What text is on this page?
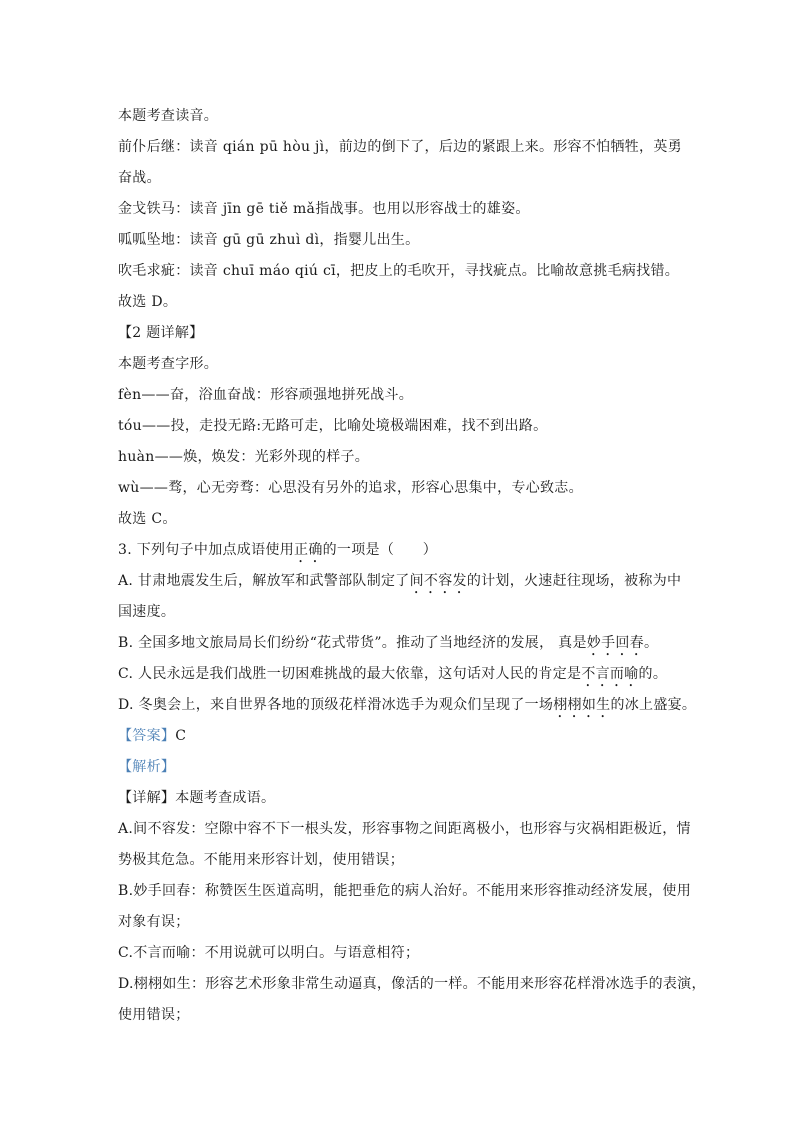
本题考查读音。
前仆后继：读音 qián pū hòu jì，前边的倒下了，后边的紧跟上来。形容不怕牺牲，英勇
奋战。
金戈铁马：读音 jīn gē tiě mǎ指战事。也用以形容战士的雄姿。
呱呱坠地：读音 gū gū zhuì dì，指婴儿出生。
吹毛求疵：读音 chuī máo qiú cī，把皮上的毛吹开，寻找疵点。比喻故意挑毛病找错。
故选 D。
【2 题详解】
本题考查字形。
fèn——奋，浴血奋战：形容顽强地拼死战斗。
tóu——投，走投无路:无路可走，比喻处境极端困难，找不到出路。
huàn——焕，焕发：光彩外现的样子。
wù——骛，心无旁骛：心思没有另外的追求，形容心思集中，专心致志。
故选 C。
3. 下列句子中加点成语使用正确的一项是（　　）
A. 甘肃地震发生后，解放军和武警部队制定了间不容发的计划，火速赶往现场，被称为中
国速度。
B. 全国多地文旅局局长们纷纷“花式带货”。推动了当地经济的发展， 真是妙手回春。
C. 人民永远是我们战胜一切困难挑战的最大依靠，这句话对人民的肯定是不言而喻的。
D. 冬奥会上，来自世界各地的顶级花样滑冰选手为观众们呈现了一场栩栩如生的冰上盛宴。
【答案】C
【解析】
【详解】本题考查成语。
A.间不容发：空隙中容不下一根头发，形容事物之间距离极小，也形容与灾祸相距极近，情
势极其危急。不能用来形容计划，使用错误；
B.妙手回春：称赞医生医道高明，能把垂危的病人治好。不能用来形容推动经济发展，使用
对象有误；
C.不言而喻：不用说就可以明白。与语意相符；
D.栩栩如生：形容艺术形象非常生动逼真，像活的一样。不能用来形容花样滑冰选手的表演，
使用错误；
